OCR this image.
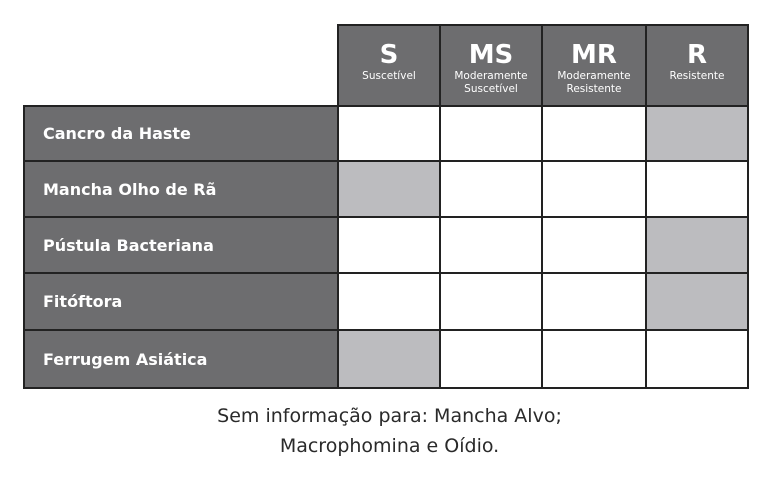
S
Suscetível
MS
Moderamente
Suscetível
MR
Moderamente
Resistente
R
Resistente
Cancro da Haste
Mancha Olho de Rã
Pústula Bacteriana
Fitóftora
Ferrugem Asiática
Sem informação para: Mancha Alvo;
Macrophomina e Oídio.
